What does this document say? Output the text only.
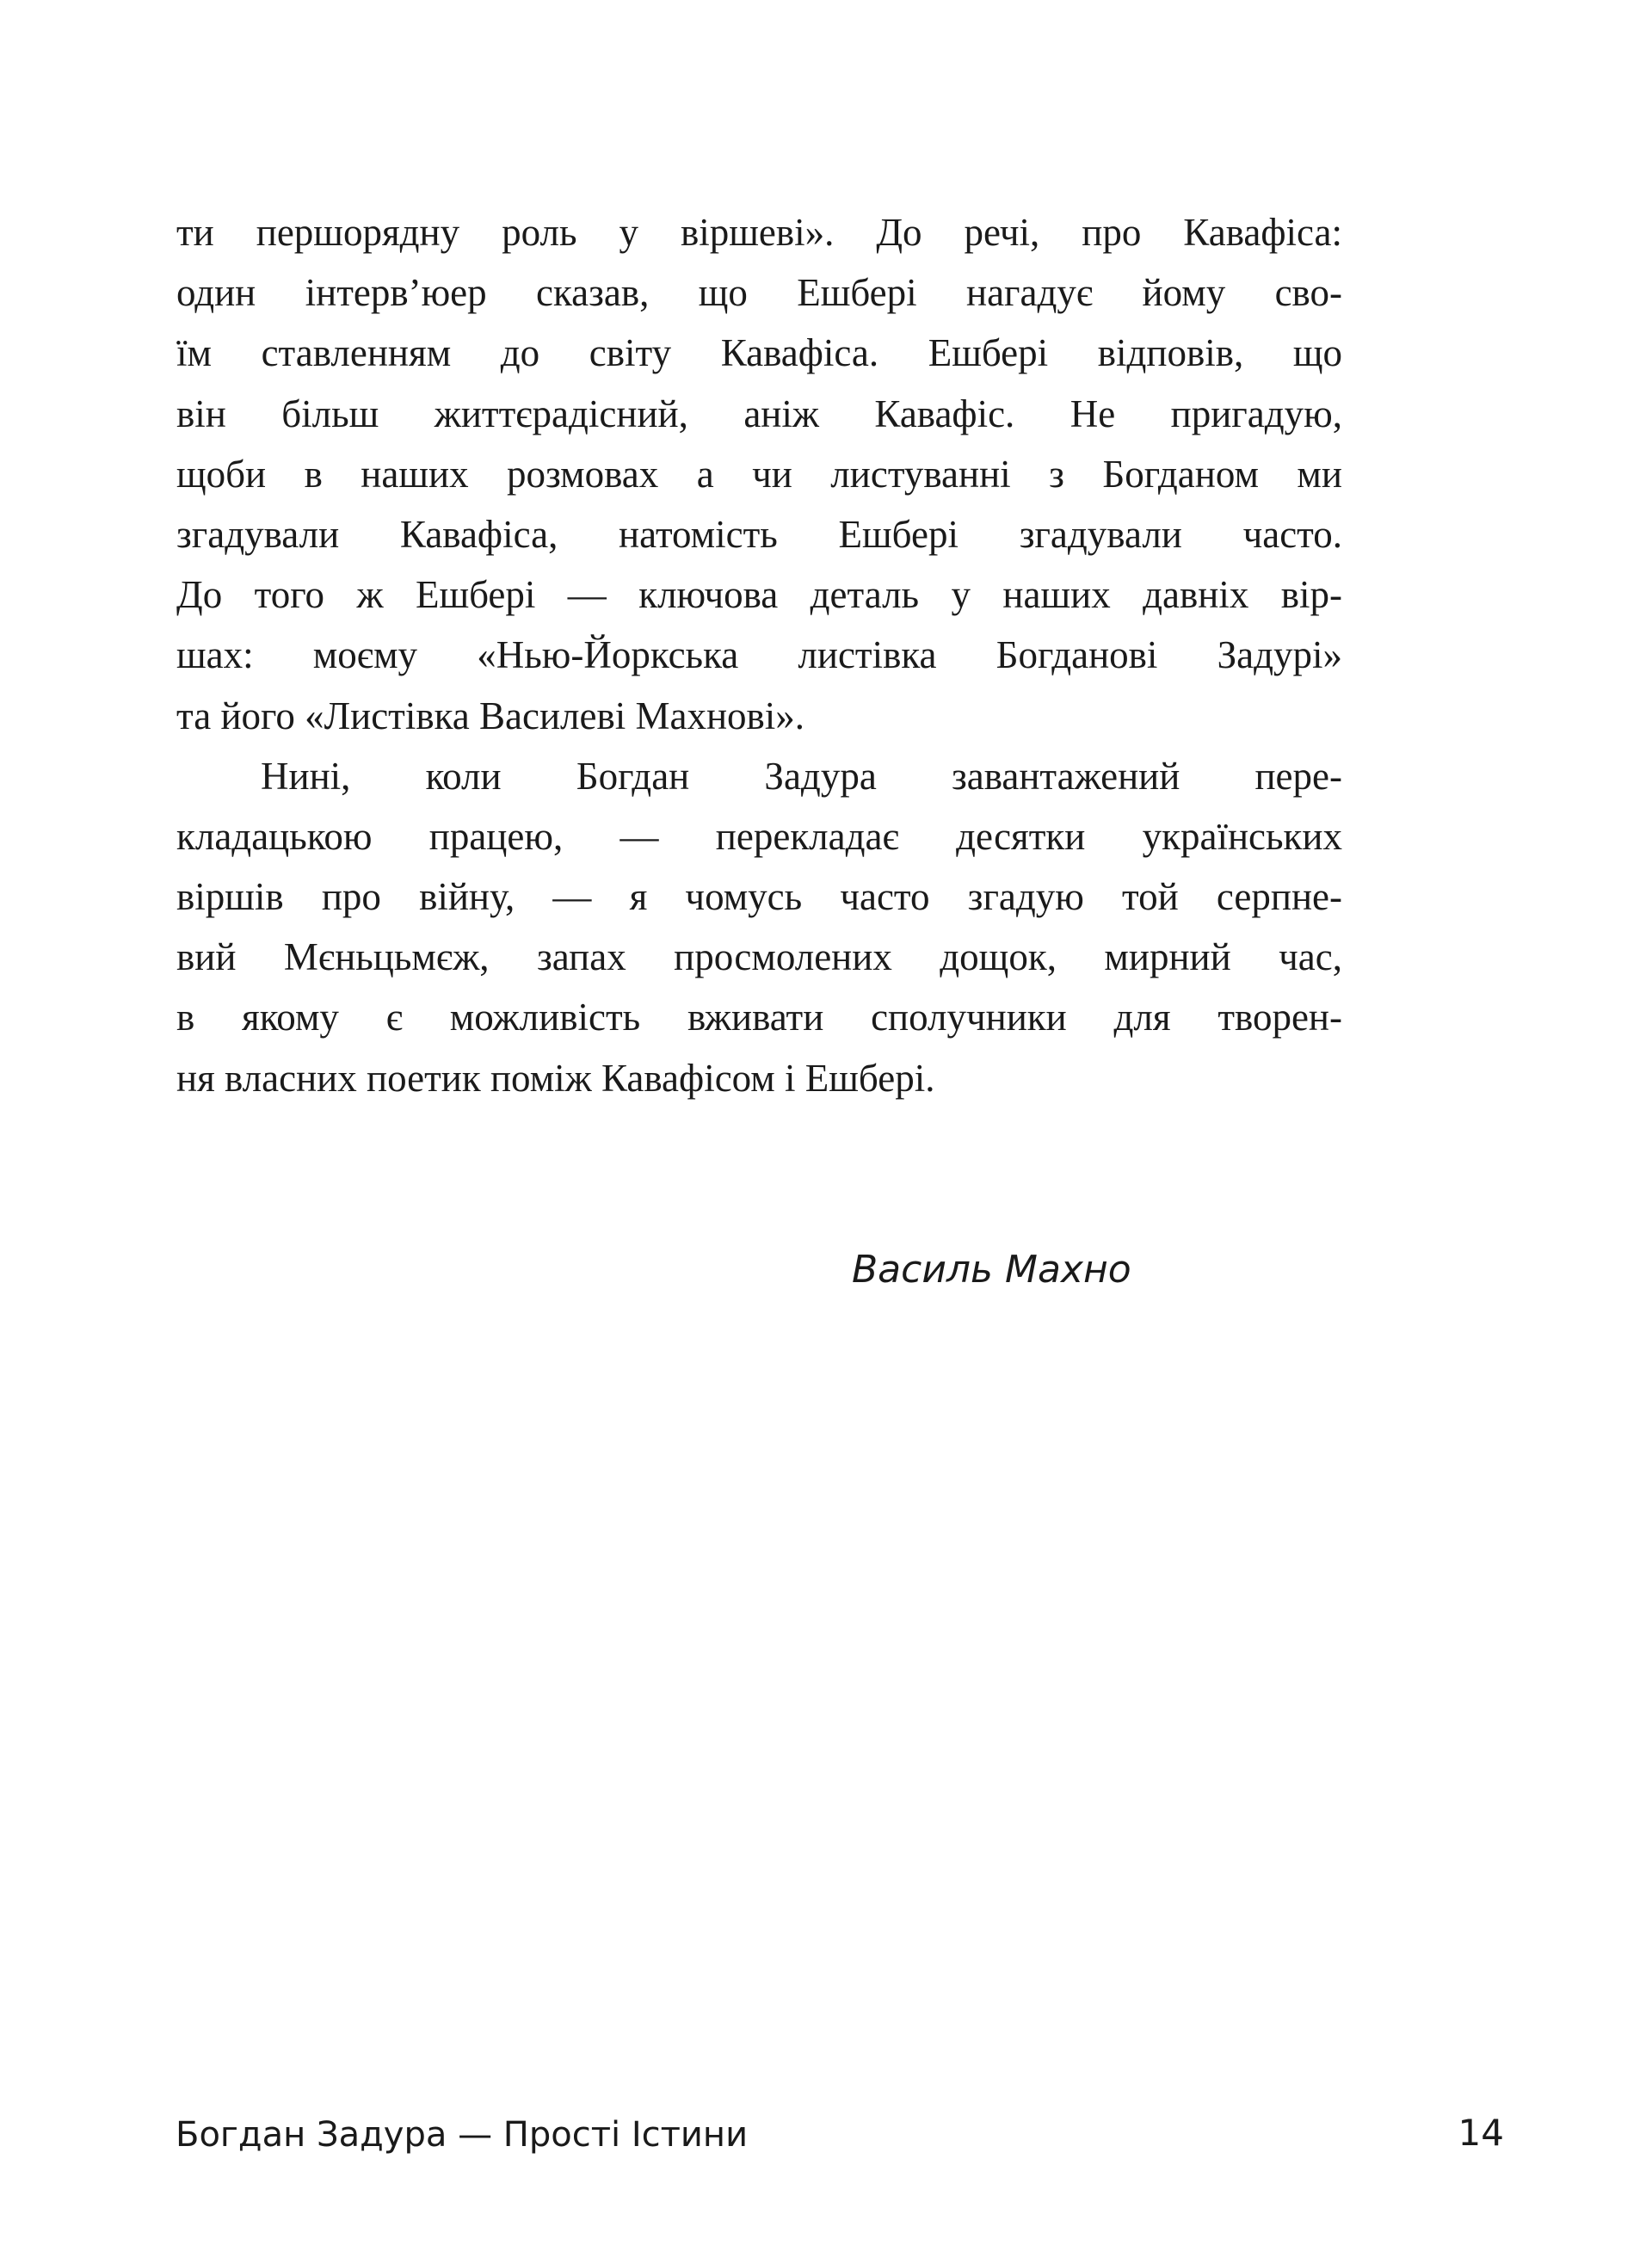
ти першорядну роль у віршеві». До речі, про Кавафіса:
один інтерв’юер сказав, що Ешбері нагадує йому сво-
їм ставленням до світу Кавафіса. Ешбері відповів, що
він більш життєрадісний, аніж Кавафіс. Не пригадую,
щоби в наших розмовах а чи листуванні з Богданом ми
згадували Кавафіса, натомість Ешбері згадували часто.
До того ж Ешбері — ключова деталь у наших давніх вір-
шах: моєму «Нью-Йоркська листівка Богданові Задурі»
та його «Листівка Василеві Махнові».
Нині, коли Богдан Задура завантажений пере-
кладацькою працею, — перекладає десятки українських
віршів про війну, — я чомусь часто згадую той серпне-
вий Мєньцьмєж, запах просмолених дощок, мирний час,
в якому є можливість вживати сполучники для творен-
ня власних поетик поміж Кавафісом і Ешбері.
Василь Махно
Богдан Задура — Прості Істини	14
